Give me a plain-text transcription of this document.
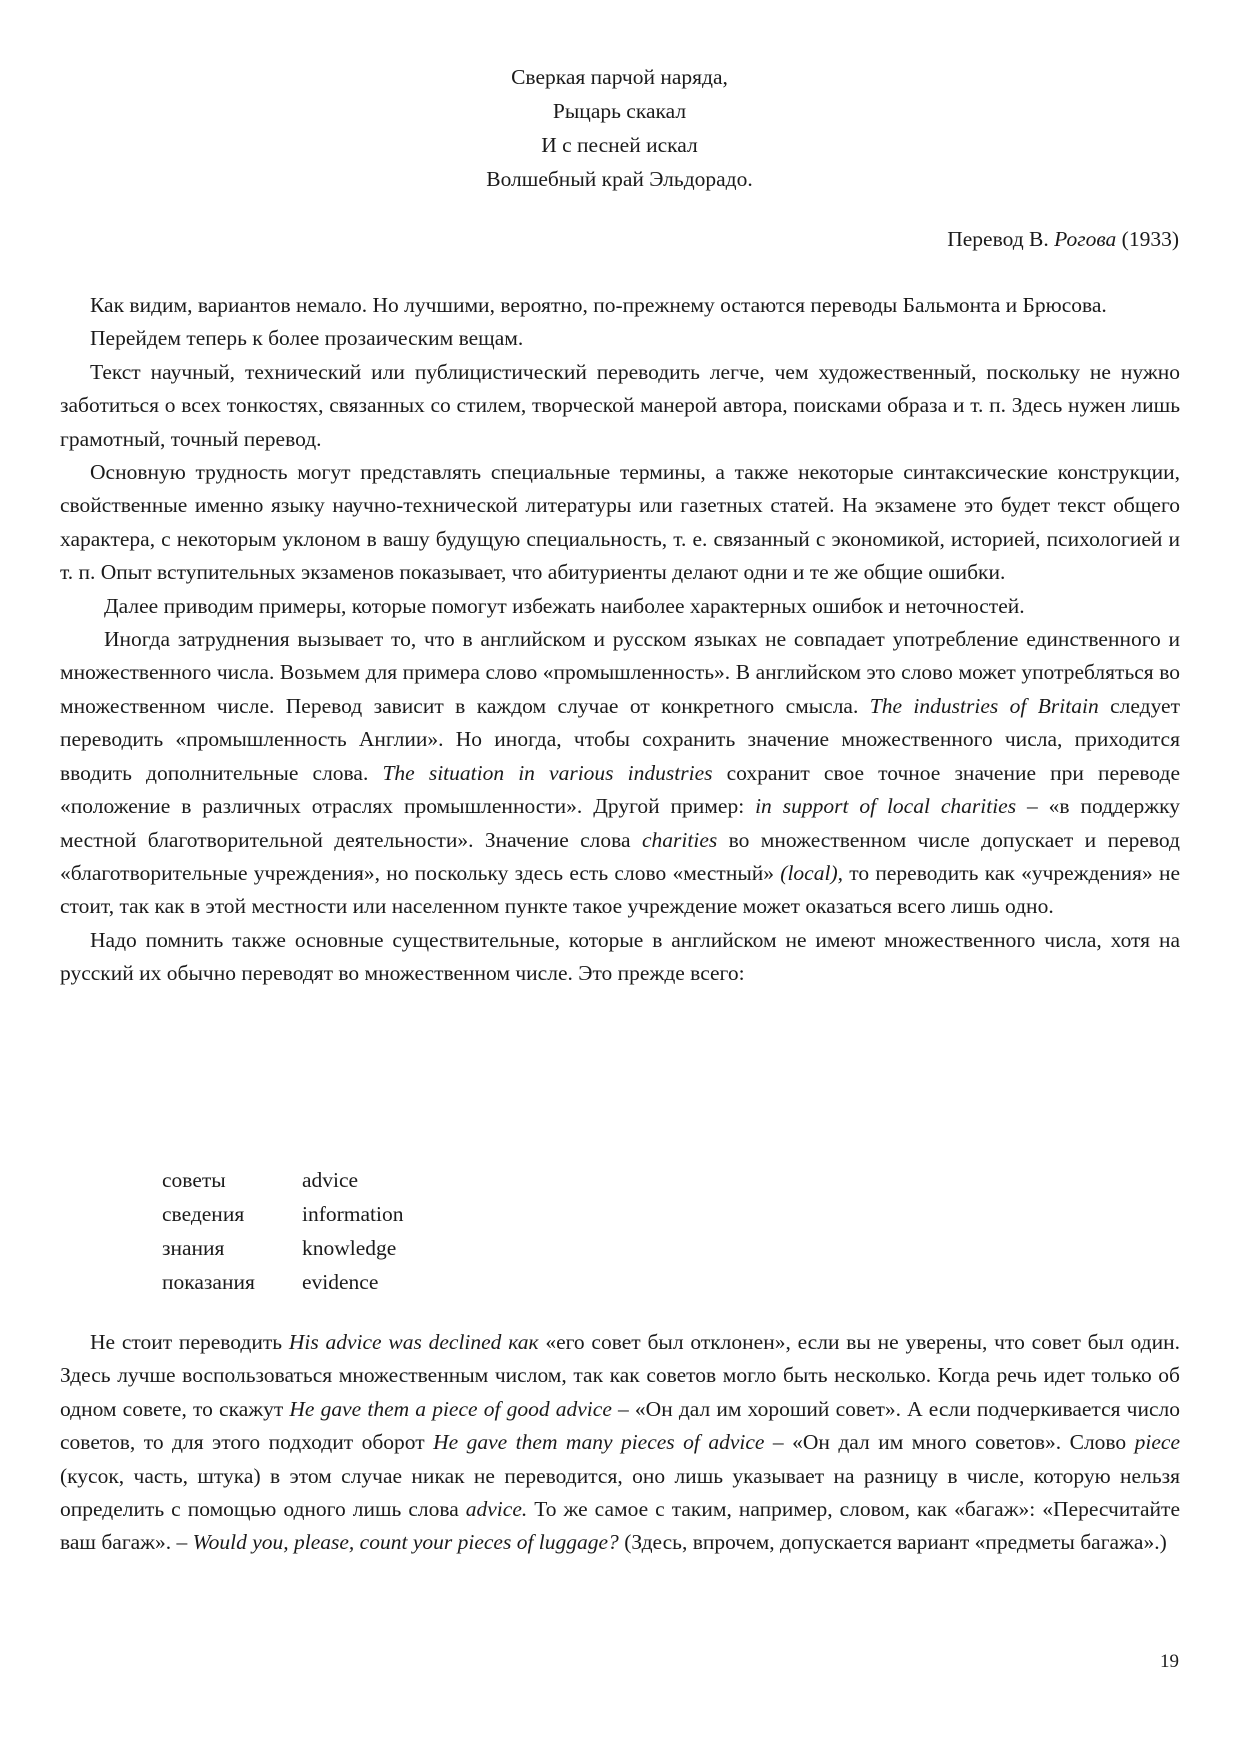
Сверкая парчой наряда,
Рыцарь скакал
И с песней искал
Волшебный край Эльдорадо.
Перевод В. Рогова (1933)

Как видим, вариантов немало. Но лучшими, вероятно, по-прежнему остаются переводы Бальмонта и Брюсова.

Перейдем теперь к более прозаическим вещам.

Текст научный, технический или публицистический переводить легче, чем художественный, поскольку не нужно заботиться о всех тонкостях, связанных со стилем, творческой манерой автора, поисками образа и т. п. Здесь нужен лишь грамотный, точный перевод.

Основную трудность могут представлять специальные термины, а также некоторые синтаксические конструкции, свойственные именно языку научно-технической литературы или газетных статей. На экзамене это будет текст общего характера, с некоторым уклоном в вашу будущую специальность, т. е. связанный с экономикой, историей, психологией и т. п. Опыт вступительных экзаменов показывает, что абитуриенты делают одни и те же общие ошибки.

Далее приводим примеры, которые помогут избежать наиболее характерных ошибок и неточностей.

Иногда затруднения вызывает то, что в английском и русском языках не совпадает употребление единственного и множественного числа. Возьмем для примера слово «промышленность». В английском это слово может употребляться во множественном числе. Перевод зависит в каждом случае от конкретного смысла. The industries of Britain следует переводить «промышленность Англии». Но иногда, чтобы сохранить значение множественного числа, приходится вводить дополнительные слова. The situation in various industries сохранит свое точное значение при переводе «положение в различных отраслях промышленности». Другой пример: in support of local charities – «в поддержку местной благотворительной деятельности». Значение слова charities во множественном числе допускает и перевод «благотворительные учреждения», но поскольку здесь есть слово «местный» (local), то переводить как «учреждения» не стоит, так как в этой местности или населенном пункте такое учреждение может оказаться всего лишь одно.

Надо помнить также основные существительные, которые в английском не имеют множественного числа, хотя на русский их обычно переводят во множественном числе. Это прежде всего:

советы	advice
сведения	information
знания	knowledge
показания	evidence

Не стоит переводить His advice was declined как «его совет был отклонен», если вы не уверены, что совет был один. Здесь лучше воспользоваться множественным числом, так как советов могло быть несколько. Когда речь идет только об одном совете, то скажут He gave them a piece of good advice – «Он дал им хороший совет». А если подчеркивается число советов, то для этого подходит оборот He gave them many pieces of advice – «Он дал им много советов». Слово piece (кусок, часть, штука) в этом случае никак не переводится, оно лишь указывает на разницу в числе, которую нельзя определить с помощью одного лишь слова advice. То же самое с таким, например, словом, как «багаж»: «Пересчитайте ваш багаж». – Would you, please, count your pieces of luggage? (Здесь, впрочем, допускается вариант «предметы багажа».)

19
